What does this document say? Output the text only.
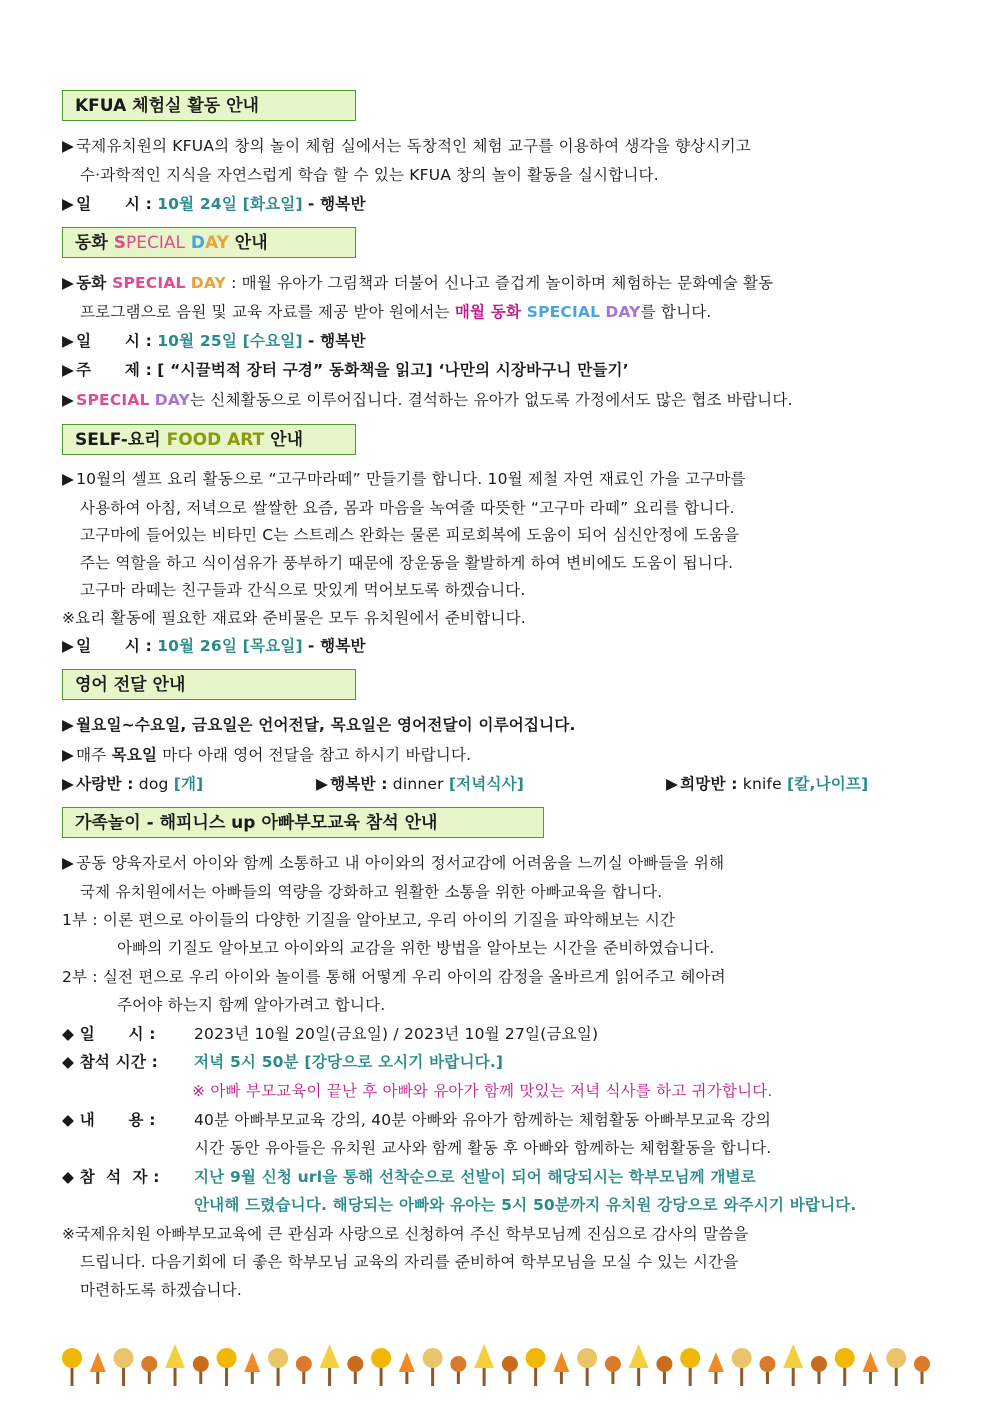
KFUA 체험실 활동 안내
▶ 국제유치원의 KFUA의 창의 놀이 체험 실에서는 독창적인 체험 교구를 이용하여 생각을 향상시키고
수·과학적인 지식을 자연스럽게 학습 할 수 있는 KFUA 창의 놀이 활동을 실시합니다.
▶ 일      시 : 10월 24일 [화요일] - 행복반
동화 SPECIAL DAY 안내
▶ 동화 SPECIAL DAY : 매월 유아가 그림책과 더불어 신나고 즐겁게 놀이하며 체험하는 문화예술 활동
프로그램으로 음원 및 교육 자료를 제공 받아 원에서는 매월 동화 SPECIAL DAY를 합니다.
▶ 일      시 : 10월 25일 [수요일] - 행복반
▶ 주      제 : [ “시끌벅적 장터 구경” 동화책을 읽고] ‘나만의 시장바구니 만들기’
▶ SPECIAL DAY는 신체활동으로 이루어집니다. 결석하는 유아가 없도록 가정에서도 많은 협조 바랍니다.
SELF-요리 FOOD ART 안내
▶ 10월의 셀프 요리 활동으로 “고구마라떼” 만들기를 합니다. 10월 제철 자연 재료인 가을 고구마를
사용하여 아침, 저녁으로 쌀쌀한 요즘, 몸과 마음을 녹여줄 따뜻한 “고구마 라떼” 요리를 합니다.
고구마에 들어있는 비타민 C는 스트레스 완화는 물론 피로회복에 도움이 되어 심신안정에 도움을
주는 역할을 하고 식이섬유가 풍부하기 때문에 장운동을 활발하게 하여 변비에도 도움이 됩니다.
고구마 라떼는 친구들과 간식으로 맛있게 먹어보도록 하겠습니다.
※요리 활동에 필요한 재료와 준비물은 모두 유치원에서 준비합니다.
▶ 일      시 : 10월 26일 [목요일] - 행복반
영어 전달 안내
▶ 월요일~수요일, 금요일은 언어전달, 목요일은 영어전달이 이루어집니다.
▶ 매주 목요일 마다 아래 영어 전달을 참고 하시기 바랍니다.
▶ 사랑반 : dog [개]	▶ 행복반 : dinner [저녁식사]	▶ 희망반 : knife [칼,나이프]
가족놀이 - 해피니스 up 아빠부모교육 참석 안내
▶ 공동 양육자로서 아이와 함께 소통하고 내 아이와의 정서교감에 어려움을 느끼실 아빠들을 위해
국제 유치원에서는 아빠들의 역량을 강화하고 원활한 소통을 위한 아빠교육을 합니다.
1부 : 이론 편으로 아이들의 다양한 기질을 알아보고, 우리 아이의 기질을 파악해보는 시간
아빠의 기질도 알아보고 아이와의 교감을 위한 방법을 알아보는 시간을 준비하였습니다.
2부 : 실전 편으로 우리 아이와 놀이를 통해 어떻게 우리 아이의 감정을 올바르게 읽어주고 헤아려
주어야 하는지 함께 알아가려고 합니다.
◆ 일      시 : 2023년 10월 20일(금요일) / 2023년 10월 27일(금요일)
◆ 참석 시간 : 저녁 5시 50분 [강당으로 오시기 바랍니다.]
※ 아빠 부모교육이 끝난 후 아빠와 유아가 함께 맛있는 저녁 식사를 하고 귀가합니다.
◆ 내      용 : 40분 아빠부모교육 강의, 40분 아빠와 유아가 함께하는 체험활동 아빠부모교육 강의
시간 동안 유아들은 유치원 교사와 함께 활동 후 아빠와 함께하는 체험활동을 합니다.
◆ 참  석  자 : 지난 9월 신청 url을 통해 선착순으로 선발이 되어 해당되시는 학부모님께 개별로
안내해 드렸습니다. 해당되는 아빠와 유아는 5시 50분까지 유치원 강당으로 와주시기 바랍니다.
※국제유치원 아빠부모교육에 큰 관심과 사랑으로 신청하여 주신 학부모님께 진심으로 감사의 말씀을
드립니다. 다음기회에 더 좋은 학부모님 교육의 자리를 준비하여 학부모님을 모실 수 있는 시간을
마련하도록 하겠습니다.
